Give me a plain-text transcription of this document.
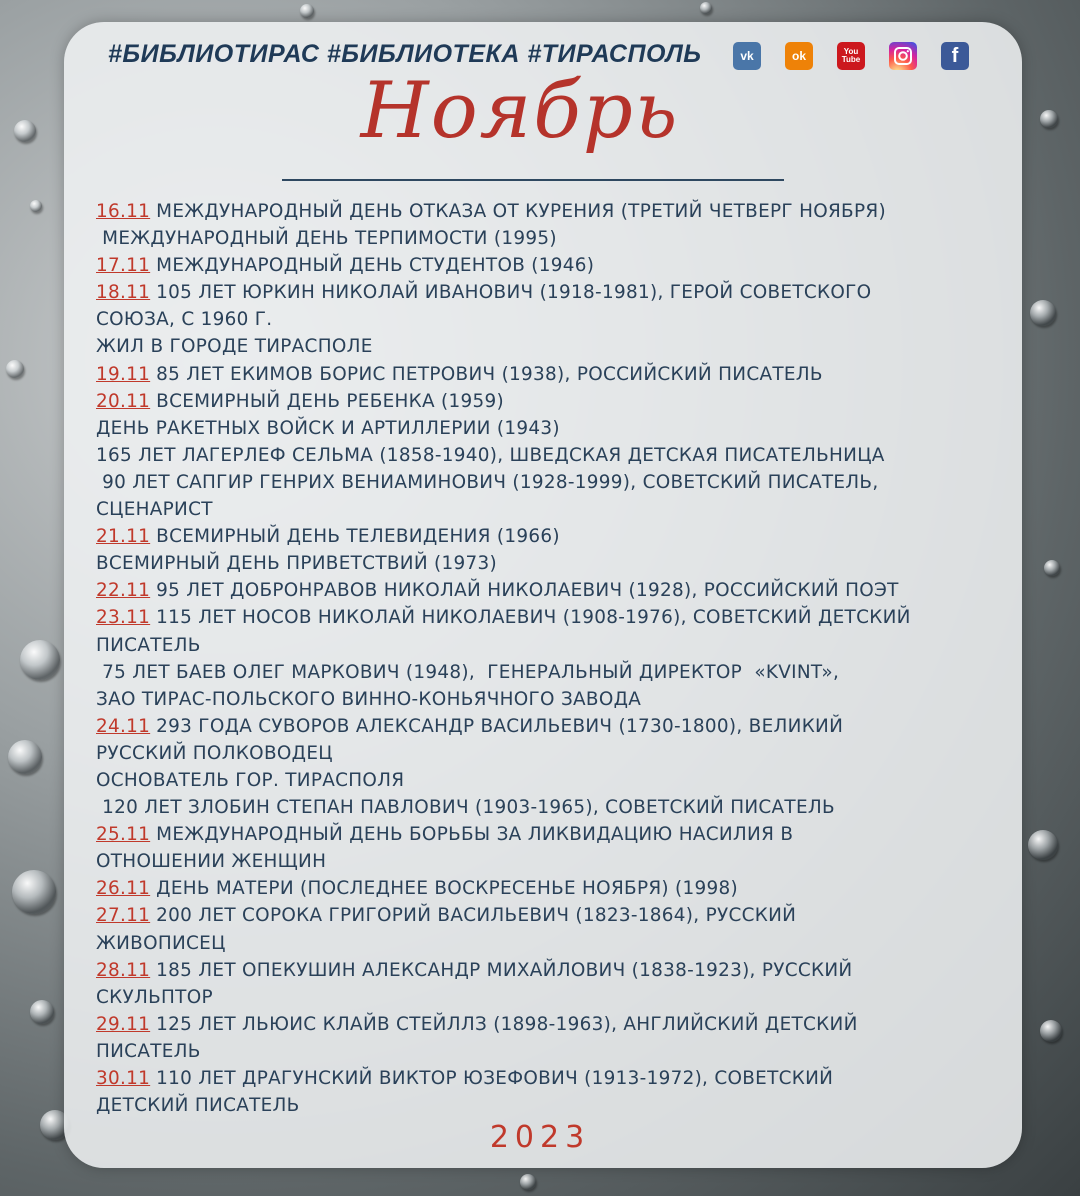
#БИБЛИОТИРАС #БИБЛИОТЕКА #ТИРАСПОЛЬ	vk	ok	You Tube	f
Ноябрь
16.11 МЕЖДУНАРОДНЫЙ ДЕНЬ ОТКАЗА ОТ КУРЕНИЯ (ТРЕТИЙ ЧЕТВЕРГ НОЯБРЯ)
МЕЖДУНАРОДНЫЙ ДЕНЬ ТЕРПИМОСТИ (1995)
17.11 МЕЖДУНАРОДНЫЙ ДЕНЬ СТУДЕНТОВ (1946)
18.11 105 ЛЕТ ЮРКИН НИКОЛАЙ ИВАНОВИЧ (1918-1981), ГЕРОЙ СОВЕТСКОГО
СОЮЗА, С 1960 Г.
ЖИЛ В ГОРОДЕ ТИРАСПОЛЕ
19.11 85 ЛЕТ ЕКИМОВ БОРИС ПЕТРОВИЧ (1938), РОССИЙСКИЙ ПИСАТЕЛЬ
20.11 ВСЕМИРНЫЙ ДЕНЬ РЕБЕНКА (1959)
ДЕНЬ РАКЕТНЫХ ВОЙСК И АРТИЛЛЕРИИ (1943)
165 ЛЕТ ЛАГЕРЛЕФ СЕЛЬМА (1858-1940), ШВЕДСКАЯ ДЕТСКАЯ ПИСАТЕЛЬНИЦА
90 ЛЕТ САПГИР ГЕНРИХ ВЕНИАМИНОВИЧ (1928-1999), СОВЕТСКИЙ ПИСАТЕЛЬ,
СЦЕНАРИСТ
21.11 ВСЕМИРНЫЙ ДЕНЬ ТЕЛЕВИДЕНИЯ (1966)
ВСЕМИРНЫЙ ДЕНЬ ПРИВЕТСТВИЙ (1973)
22.11 95 ЛЕТ ДОБРОНРАВОВ НИКОЛАЙ НИКОЛАЕВИЧ (1928), РОССИЙСКИЙ ПОЭТ
23.11 115 ЛЕТ НОСОВ НИКОЛАЙ НИКОЛАЕВИЧ (1908-1976), СОВЕТСКИЙ ДЕТСКИЙ
ПИСАТЕЛЬ
75 ЛЕТ БАЕВ ОЛЕГ МАРКОВИЧ (1948),  ГЕНЕРАЛЬНЫЙ ДИРЕКТОР  «KVINT»,
ЗАО ТИРАС-ПОЛЬСКОГО ВИННО-КОНЬЯЧНОГО ЗАВОДА
24.11 293 ГОДА СУВОРОВ АЛЕКСАНДР ВАСИЛЬЕВИЧ (1730-1800), ВЕЛИКИЙ
РУССКИЙ ПОЛКОВОДЕЦ
ОСНОВАТЕЛЬ ГОР. ТИРАСПОЛЯ
120 ЛЕТ ЗЛОБИН СТЕПАН ПАВЛОВИЧ (1903-1965), СОВЕТСКИЙ ПИСАТЕЛЬ
25.11 МЕЖДУНАРОДНЫЙ ДЕНЬ БОРЬБЫ ЗА ЛИКВИДАЦИЮ НАСИЛИЯ В
ОТНОШЕНИИ ЖЕНЩИН
26.11 ДЕНЬ МАТЕРИ (ПОСЛЕДНЕЕ ВОСКРЕСЕНЬЕ НОЯБРЯ) (1998)
27.11 200 ЛЕТ СОРОКА ГРИГОРИЙ ВАСИЛЬЕВИЧ (1823-1864), РУССКИЙ
ЖИВОПИСЕЦ
28.11 185 ЛЕТ ОПЕКУШИН АЛЕКСАНДР МИХАЙЛОВИЧ (1838-1923), РУССКИЙ
СКУЛЬПТОР
29.11 125 ЛЕТ ЛЬЮИС КЛАЙВ СТЕЙЛЛЗ (1898-1963), АНГЛИЙСКИЙ ДЕТСКИЙ
ПИСАТЕЛЬ
30.11 110 ЛЕТ ДРАГУНСКИЙ ВИКТОР ЮЗЕФОВИЧ (1913-1972), СОВЕТСКИЙ
ДЕТСКИЙ ПИСАТЕЛЬ
2023
